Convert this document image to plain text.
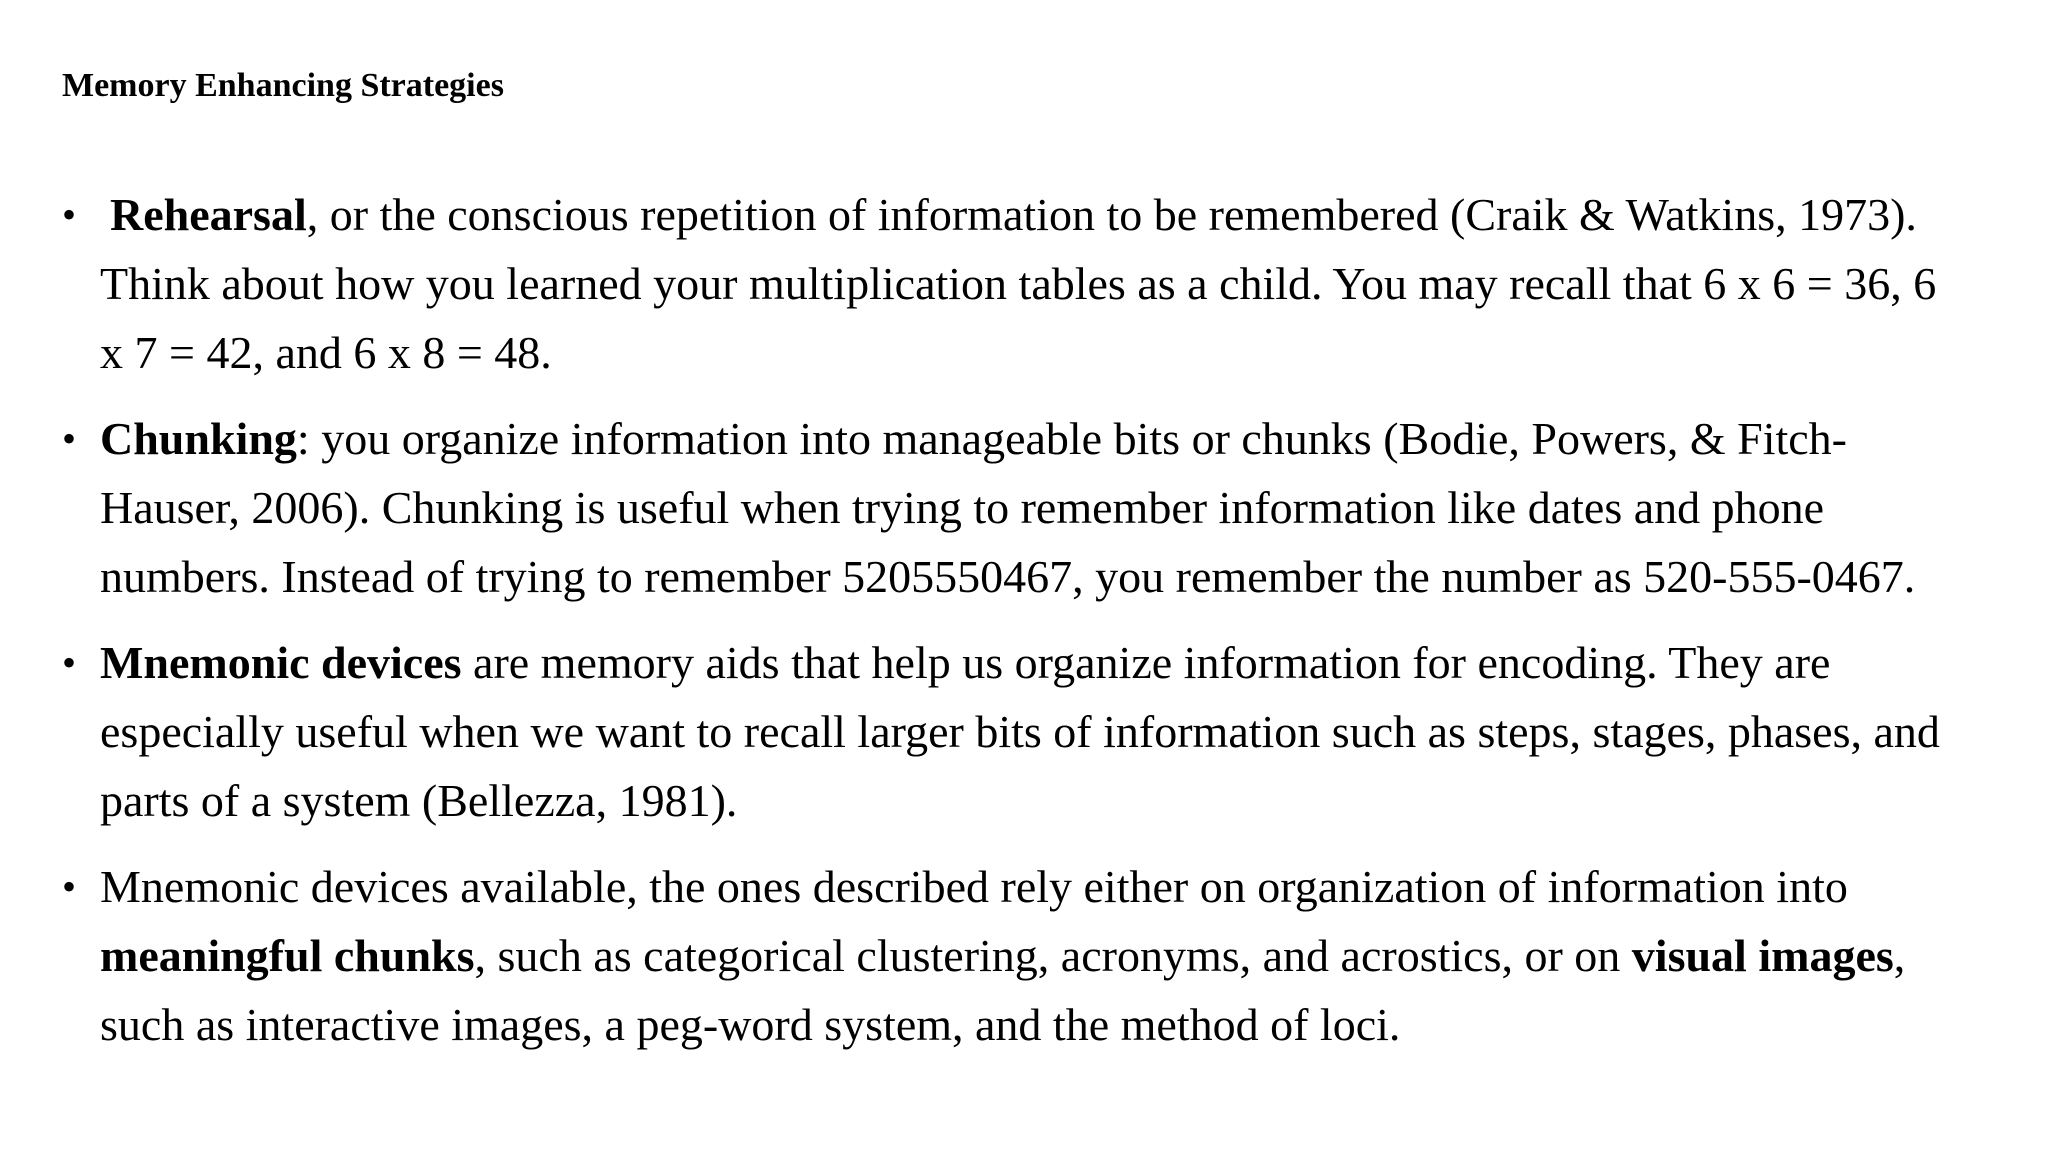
Memory Enhancing Strategies
• Rehearsal, or the conscious repetition of information to be remembered (Craik & Watkins, 1973). Think about how you learned your multiplication tables as a child. You may recall that 6 x 6 = 36, 6 x 7 = 42, and 6 x 8 = 48.
• Chunking: you organize information into manageable bits or chunks (Bodie, Powers, & Fitch-Hauser, 2006). Chunking is useful when trying to remember information like dates and phone numbers. Instead of trying to remember 5205550467, you remember the number as 520-555-0467.
• Mnemonic devices are memory aids that help us organize information for encoding. They are especially useful when we want to recall larger bits of information such as steps, stages, phases, and parts of a system (Bellezza, 1981).
• Mnemonic devices available, the ones described rely either on organization of information into meaningful chunks, such as categorical clustering, acronyms, and acrostics, or on visual images, such as interactive images, a peg-word system, and the method of loci.
